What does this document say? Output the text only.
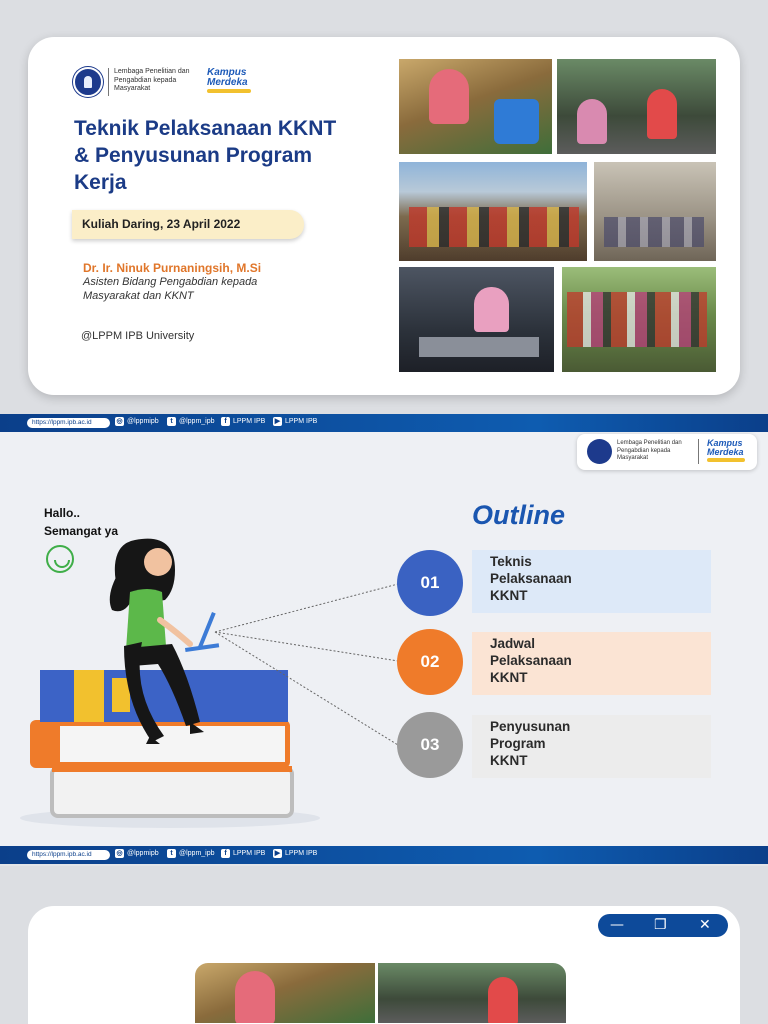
Lembaga Penelitian dan Pengabdian kepada Masyarakat
Kampus
Merdeka
Teknik Pelaksanaan KKNT & Penyusunan Program Kerja
Kuliah Daring, 23 April 2022
Dr. Ir. Ninuk Purnaningsih, M.Si
Asisten Bidang Pengabdian kepada Masyarakat dan KKNT
@LPPM IPB University
https://lppm.ipb.ac.id	◎ @lppmipb	t @lppm_ipb	f LPPM IPB ▶ LPPM IPB
Lembaga Penelitian dan Pengabdian kepada Masyarakat
Kampus
Merdeka
Hallo..
Semangat ya
Outline
Teknis
Pelaksanaan
KKNT
01
Jadwal
Pelaksanaan
KKNT
02
Penyusunan
Program
KKNT
03
https://lppm.ipb.ac.id	◎ @lppmipb	t @lppm_ipb	f LPPM IPB ▶ LPPM IPB
— ❐ ✕
